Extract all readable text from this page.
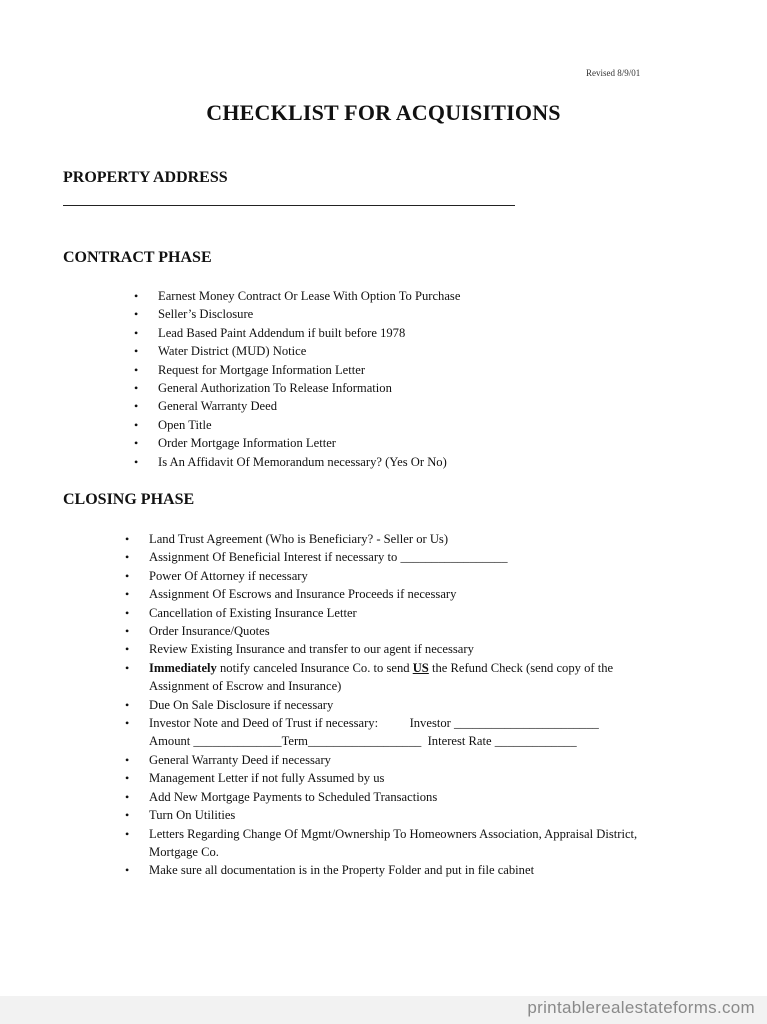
Revised 8/9/01
CHECKLIST FOR ACQUISITIONS
PROPERTY ADDRESS
CONTRACT PHASE
• Earnest Money Contract Or Lease With Option To Purchase
• Seller’s Disclosure
• Lead Based Paint Addendum if built before 1978
• Water District (MUD) Notice
• Request for Mortgage Information Letter
• General Authorization To Release Information
• General Warranty Deed
• Open Title
• Order Mortgage Information Letter
• Is An Affidavit Of Memorandum necessary? (Yes Or No)
CLOSING PHASE
• Land Trust Agreement (Who is Beneficiary? - Seller or Us)
• Assignment Of Beneficial Interest if necessary to _________________
• Power Of Attorney if necessary
• Assignment Of Escrows and Insurance Proceeds if necessary
• Cancellation of Existing Insurance Letter
• Order Insurance/Quotes
• Review Existing Insurance and transfer to our agent if necessary
• Immediately notify canceled Insurance Co. to send US the Refund Check (send copy of the
Assignment of Escrow and Insurance)
• Due On Sale Disclosure if necessary
• Investor Note and Deed of Trust if necessary:          Investor _______________________
Amount ______________Term__________________  Interest Rate _____________
• General Warranty Deed if necessary
• Management Letter if not fully Assumed by us
• Add New Mortgage Payments to Scheduled Transactions
• Turn On Utilities
• Letters Regarding Change Of Mgmt/Ownership To Homeowners Association, Appraisal District,
Mortgage Co.
• Make sure all documentation is in the Property Folder and put in file cabinet
printablerealestateforms.com
